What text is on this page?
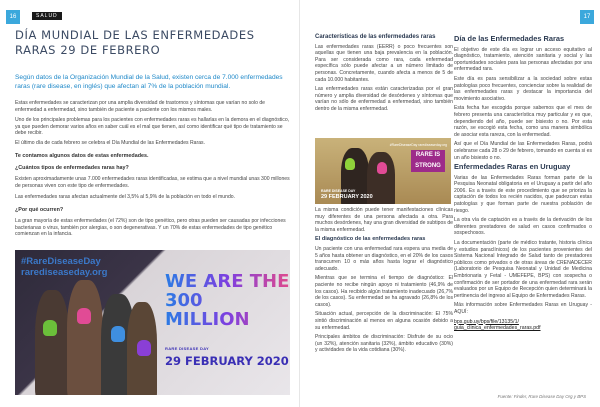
16	SALUD
DÍA MUNDIAL DE LAS ENFERMEDADES RARAS 29 DE FEBRERO

Según datos de la Organización Mundial de la Salud, existen cerca de 7.000 enfermedades raras (rare disease, en inglés) que afectan al 7% de la población mundial.

Estas enfermedades se caracterizan por una amplia diversidad de trastornos y síntomas que varían no solo de enfermedad a enfermedad, sino también de paciente a paciente con los mismos males.

Uno de los principales problemas para los pacientes con enfermedades raras es hallarlas en la demora en el diagnóstico, ya que pueden demorar varios años en saber cuál es el mal que tienen, así como identificar qué tipo de tratamiento se debe recibir.

El último día de cada febrero se celebra el Día Mundial de las Enfermedades Raras.

Te contamos algunos datos de estas enfermedades.

¿Cuántos tipos de enfermedades raras hay?

Existen aproximadamente unas 7.000 enfermedades raras identificadas, se estima que a nivel mundial unas 300 millones de personas viven con este tipo de enfermedades.

Las enfermedades raras afectan actualmente del 3,5% al 5,9% de la población en todo el mundo.

¿Por qué ocurren?

La gran mayoría de estas enfermedades (el 72%) son de tipo genético, pero otras pueden ser causadas por infecciones bacterianas o virus, también por alergias, o son degenerativas. Y un 70% de estas enfermedades de tipo genético comienzan en la infancia.

#RareDiseaseDay
rarediseaseday.org	WE ARE THE
300 MILLION
RARE DISEASE DAY
29 FEBRUARY 2020
17
Características de las enfermedades raras

Las enfermedades raras (EERR) o poco frecuentes son aquellas que tienen una baja prevalencia en la población. Para ser considerada como rara, cada enfermedad específica sólo puede afectar a un número limitado de personas. Concretamente, cuando afecta a menos de 5 de cada 10.000 habitantes.

Las enfermedades raras están caracterizadas por el gran número y amplia diversidad de desórdenes y síntomas que varían no sólo de enfermedad a enfermedad, sino también dentro de la misma enfermedad.

#RareDiseaseDay rarediseaseday.org
RARE IS STRONG
RARE DISEASE DAY
29 FEBRUARY 2020

La misma condición puede tener manifestaciones clínicas muy diferentes de una persona afectada a otra. Para muchos desórdenes, hay una gran diversidad de subtipos de la misma enfermedad.

El diagnóstico de las enfermedades raras

Un paciente con una enfermedad rara espera una media de 5 años hasta obtener un diagnóstico, en el 20% de los casos transcurren 10 o más años hasta lograr el diagnóstico adecuado.

Mientras que se termina el tiempo de diagnóstico: El paciente no recibe ningún apoyo ni tratamiento (46,9% de los casos). Ha recibido algún tratamiento inadecuado (26,7% de los casos). Su enfermedad se ha agravado (26,8% de los casos).

Situación actual, percepción de la discriminación: El 75% sintió discriminación al menos en alguna ocasión debido a su enfermedad.

Principales ámbitos de discriminación: Disfrute de su ocio (un 32%), atención sanitaria (32%), ámbito educativo (30%) y actividades de la vida cotidiana (30%).

Día de las Enfermedades Raras

El objetivo de este día es lograr un acceso equitativo al diagnóstico, tratamiento, atención sanitaria y social y las oportunidades sociales para las personas afectadas por una enfermedad rara.

Este día es para sensibilizar a la sociedad sobre estas patologías poco frecuentes, concienciar sobre la realidad de las enfermedades raras y destacar la importancia del movimiento asociativo.

Esta fecha fue escogida porque sabemos que el mes de febrero presenta una característica muy particular y es que, dependiendo del año, puede ser bisiesto o no. Por esta razón, se escogió esta fecha, como una manera simbólica de asociar esta rareza, con la enfermedad.

Así que el Día Mundial de las Enfermedades Raras, podrá celebrarse cada 28 o 29 de febrero, tomando en cuenta si es un año bisiesto o no.

Enfermedades Raras en Uruguay

Varias de las Enfermedades Raras forman parte de la Pesquisa Neonatal obligatoria en el Uruguay a partir del año 2006. Es a través de este procedimiento que se prioriza la captación de todos los recién nacidos, que padezcan estas patologías y que forman parte de nuestra población de riesgo.

La otra vía de captación es a través de la derivación de los diferentes prestadores de salud en casos confirmados o sospechosos.

La documentación (parte de médico tratante, historia clínica y estudios paraclínicos) de los pacientes provenientes del Sistema Nacional Integrado de Salud tanto de prestadores públicos como privados o de otras áreas de CRENADECER (Laboratorio de Pesquisa Neonatal y Unidad de Medicina Embrionaria y Fetal - UMEFEPE, BPS) con sospecha o confirmación de ser portador de una enfermedad rara serán evaluados por un Equipo de Recepción quien determinará la pertinencia del ingreso al Equipo de Enfermedades Raras.

Más información sobre Enfermedades Raras en Uruguay - AQUÍ:

bps.gub.uy/bps/file/13135/1/
guia_clinica_enfermedades_raras.pdf
Fuente: Finder, Rare Disease Day Org y BPS
